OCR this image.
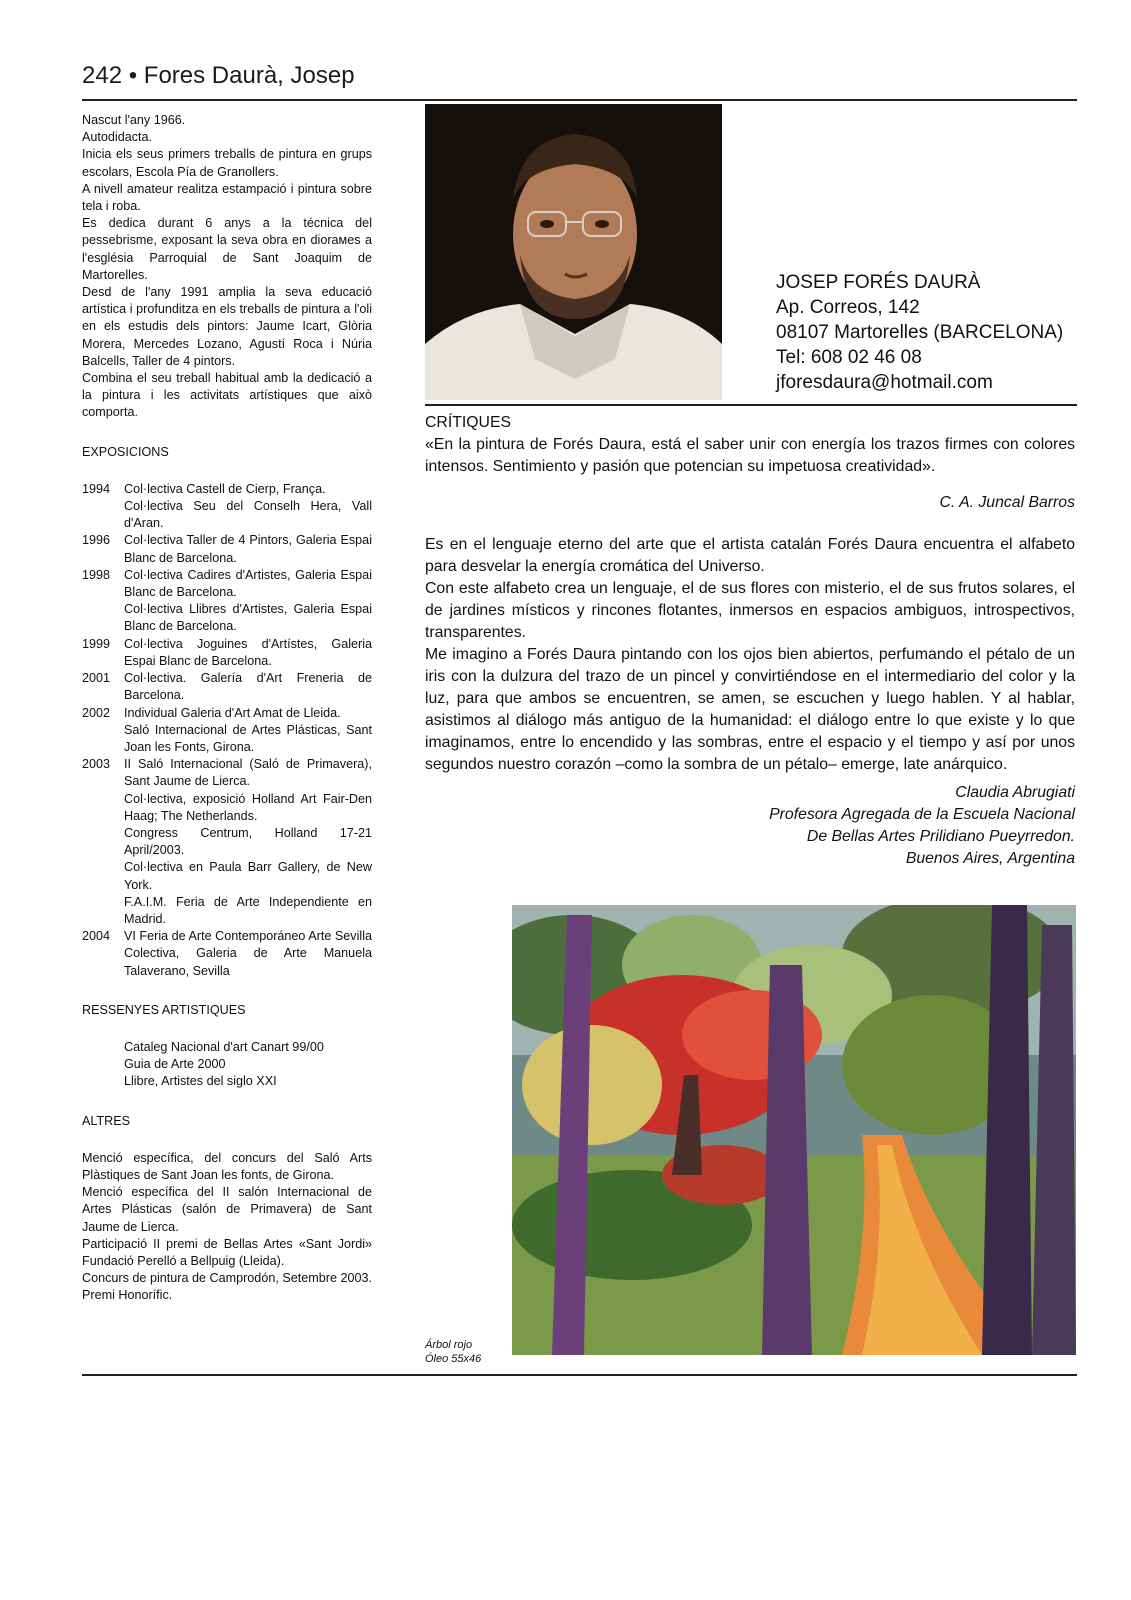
242 • Fores Daurà, Josep

Nascut l'any 1966.

Autodidacta.

Inicia els seus primers treballs de pintura en grups escolars, Escola Pía de Granollers.

A nivell amateur realitza estampació i pintura sobre tela i roba.

Es dedica durant 6 anys a la técnica del pessebrisme, exposant la seva obra en dioraмes a l'església Parroquial de Sant Joaquim de Martorelles.

Desd de l'any 1991 amplia la seva educació artística i profunditza en els treballs de pintura a l'oli en els estudis dels pintors: Jaume Icart, Glòria Morera, Mercedes Lozano, Agustí Roca i Núria Balcells, Taller de 4 pintors.

Combina el seu treball habitual amb la dedicació a la pintura i les activitats artístiques que això comporta.

EXPOSICIONS
1994	Col·lectiva Castell de Cierp, França.
Col·lectiva Seu del Conselh Hera, Vall d'Aran.
1996	Col·lectiva Taller de 4 Pintors, Galeria Espai Blanc de Barcelona.
1998	Col·lectiva Cadires d'Artistes, Galeria Espai Blanc de Barcelona.
Col·lectiva Llibres d'Artistes, Galeria Espai Blanc de Barcelona.
1999	Col·lectiva Joguines d'Artístes, Galeria Espai Blanc de Barcelona.
2001	Col·lectiva. Galería d'Art Freneria de Barcelona.
2002	Individual Galeria d'Art Amat de Lleida.
Saló Internacional de Artes Plásticas, Sant Joan les Fonts, Girona.
2003	II Saló Internacional (Saló de Primavera), Sant Jaume de Lierca.
Col·lectiva, exposició Holland Art Fair-Den Haag; The Netherlands.
Congress Centrum, Holland 17-21 April/2003.
Col·lectiva en Paula Barr Gallery, de New York.
F.A.I.M. Feria de Arte Independiente en Madrid.
2004	VI Feria de Arte Contemporáneo Arte Sevilla Colectiva, Galeria de Arte Manuela Talaverano, Sevilla
RESSENYES ARTISTIQUES
Cataleg Nacional d'art Canart 99/00
Guia de Arte 2000
Llibre, Artistes del siglo XXI
ALTRES

Menció específica, del concurs del Saló Arts Plàstiques de Sant Joan les fonts, de Girona.

Menció específica del II salón Internacional de Artes Plásticas (salón de Primavera) de Sant Jaume de Lierca.

Participació II premi de Bellas Artes «Sant Jordi» Fundació Perelló a Bellpuig (Lleida).

Concurs de pintura de Camprodón, Setembre 2003. Premi Honorífic.

JOSEP FORÉS DAURÀ
Ap. Correos, 142
08107 Martorelles (BARCELONA)
Tel: 608 02 46 08
jforesdaura@hotmail.com
CRÍTIQUES

«En la pintura de Forés Daura, está el saber unir con energía los trazos firmes con colores intensos. Sentimiento y pasión que potencian su impetuosa creatividad».

C. A. Juncal Barros

Es en el lenguaje eterno del arte que el artista catalán Forés Daura encuentra el alfabeto para desvelar la energía cromática del Universo.

Con este alfabeto crea un lenguaje, el de sus flores con misterio, el de sus frutos solares, el de jardines místicos y rincones flotantes, inmersos en espacios ambiguos, introspectivos, transparentes.

Me imagino a Forés Daura pintando con los ojos bien abiertos, perfumando el pétalo de un iris con la dulzura del trazo de un pincel y convirtiéndose en el intermediario del color y la luz, para que ambos se encuentren, se amen, se escuchen y luego hablen. Y al hablar, asistimos al diálogo más antiguo de la humanidad: el diálogo entre lo que existe y lo que imaginamos, entre lo encendido y las sombras, entre el espacio y el tiempo y así por unos segundos nuestro corazón –como la sombra de un pétalo– emerge, late anárquico.

Claudia Abrugiati
Profesora Agregada de la Escuela Nacional
De Bellas Artes Prilidiano Pueyrredon.
Buenos Aires, Argentina
Árbol rojo
Óleo 55x46
